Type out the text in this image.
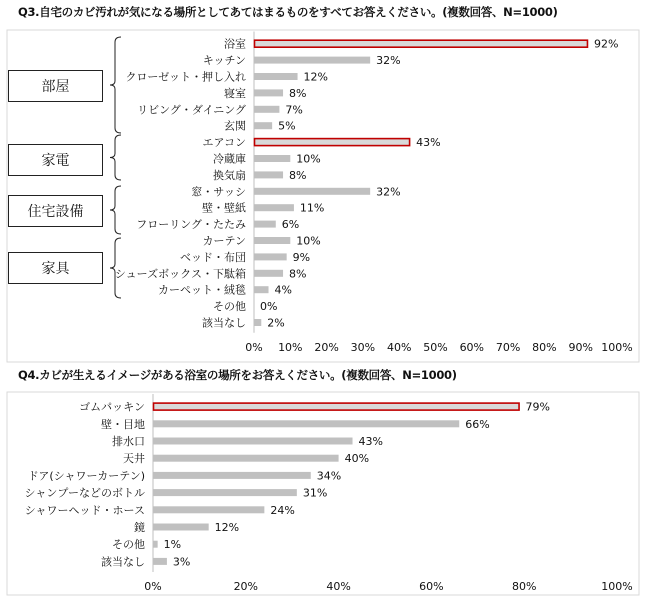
Q3.自宅のカビ汚れが気になる場所としてあてはまるものをすべてお答えください。(複数回答、N=1000)
Q4.カビが生えるイメージがある浴室の場所をお答えください。(複数回答、N=1000)
部屋
家電
住宅設備
家具
浴室	92%
キッチン	32%
クローゼット・押し入れ	12%
寝室	8%
リビング・ダイニング	7%
玄関	5%
エアコン	43%
冷蔵庫	10%
換気扇	8%
窓・サッシ	32%
壁・壁紙	11%
フローリング・たたみ	6%
カーテン	10%
ベッド・布団	9%
シューズボックス・下駄箱	8%
カーペット・絨毯	4%
その他 0%
該当なし 2%
0% 10% 20% 30% 40% 50% 60% 70% 80% 90% 100%
ゴムパッキン	79%
壁・目地	66%
排水口	43%
天井	40%
ドア(シャワーカーテン)	34%
シャンプーなどのボトル	31%
シャワーヘッド・ホース	24%
鏡	12%
その他 1%
該当なし	3%
0%	20%	40%	60%	80%	100%
